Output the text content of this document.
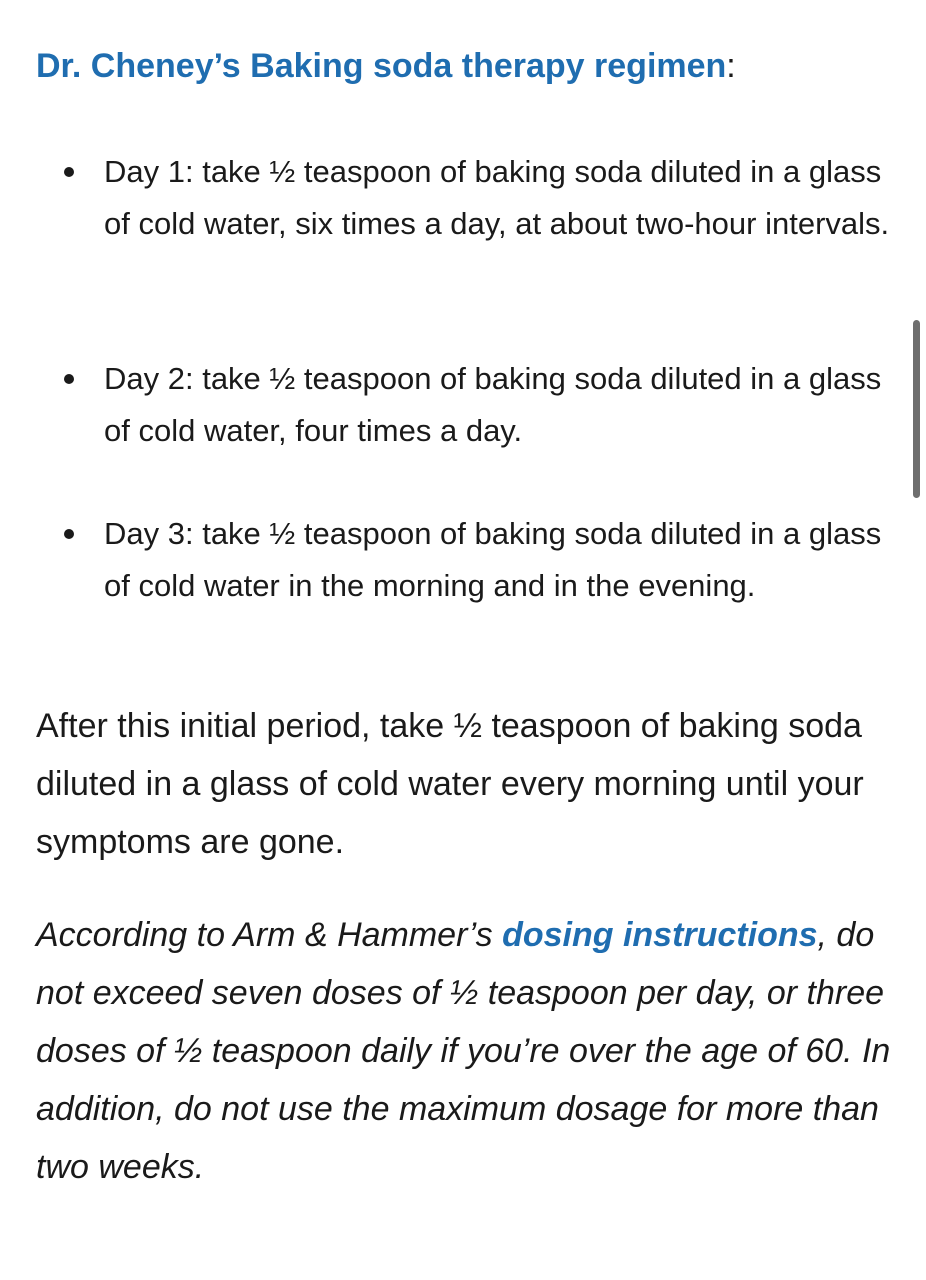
Dr. Cheney’s Baking soda therapy regimen:
Day 1: take ½ teaspoon of baking soda diluted in a glass of cold water, six times a day, at about two-hour intervals.
Day 2: take ½ teaspoon of baking soda diluted in a glass of cold water, four times a day.
Day 3: take ½ teaspoon of baking soda diluted in a glass of cold water in the morning and in the evening.

After this initial period, take ½ teaspoon of baking soda diluted in a glass of cold water every morning until your symptoms are gone.

According to Arm & Hammer’s dosing instructions, do not exceed seven doses of ½ teaspoon per day, or three doses of ½ teaspoon daily if you’re over the age of 60. In addition, do not use the maximum dosage for more than two weeks.
